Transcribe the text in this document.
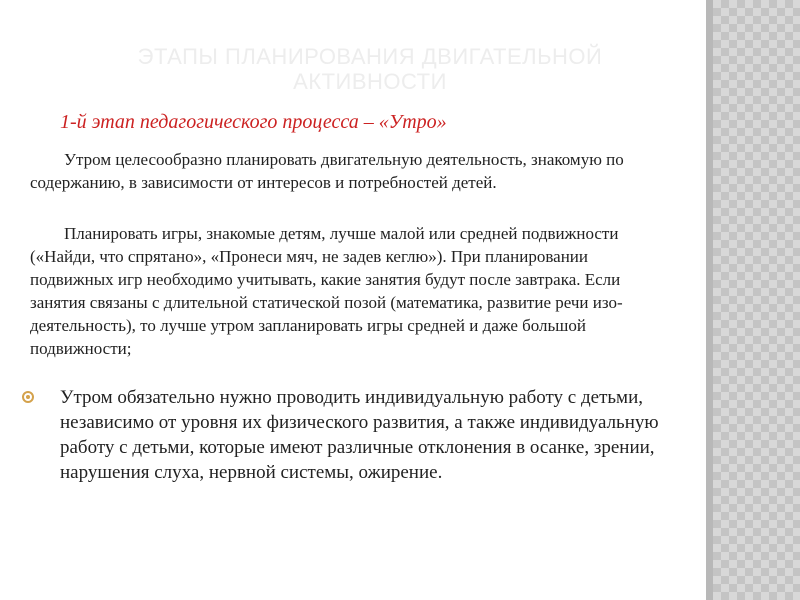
ЭТАПЫ ПЛАНИРОВАНИЯ ДВИГАТЕЛЬНОЙ АКТИВНОСТИ
1-й этап педагогического процесса – «Утро»
Утром целесообразно планировать двигательную деятельность, знакомую по содержанию, в зависимости от интересов и потребностей детей.
Планировать игры, знакомые детям, лучше малой или средней подвижности («Найди, что спрятано», «Пронеси мяч, не задев кеглю»). При планировании подвижных игр необходимо учитывать, какие занятия будут после завтрака. Если занятия связаны с длительной статической позой (математика, развитие речи изо-деятельность), то лучше утром запланировать игры средней и даже большой подвижности;
Утром обязательно нужно проводить индивидуальную работу с детьми, независимо от уровня их физического развития, а также индивидуальную работу с детьми, которые имеют различные отклонения в осанке, зрении, нарушения слуха, нервной системы, ожирение.
